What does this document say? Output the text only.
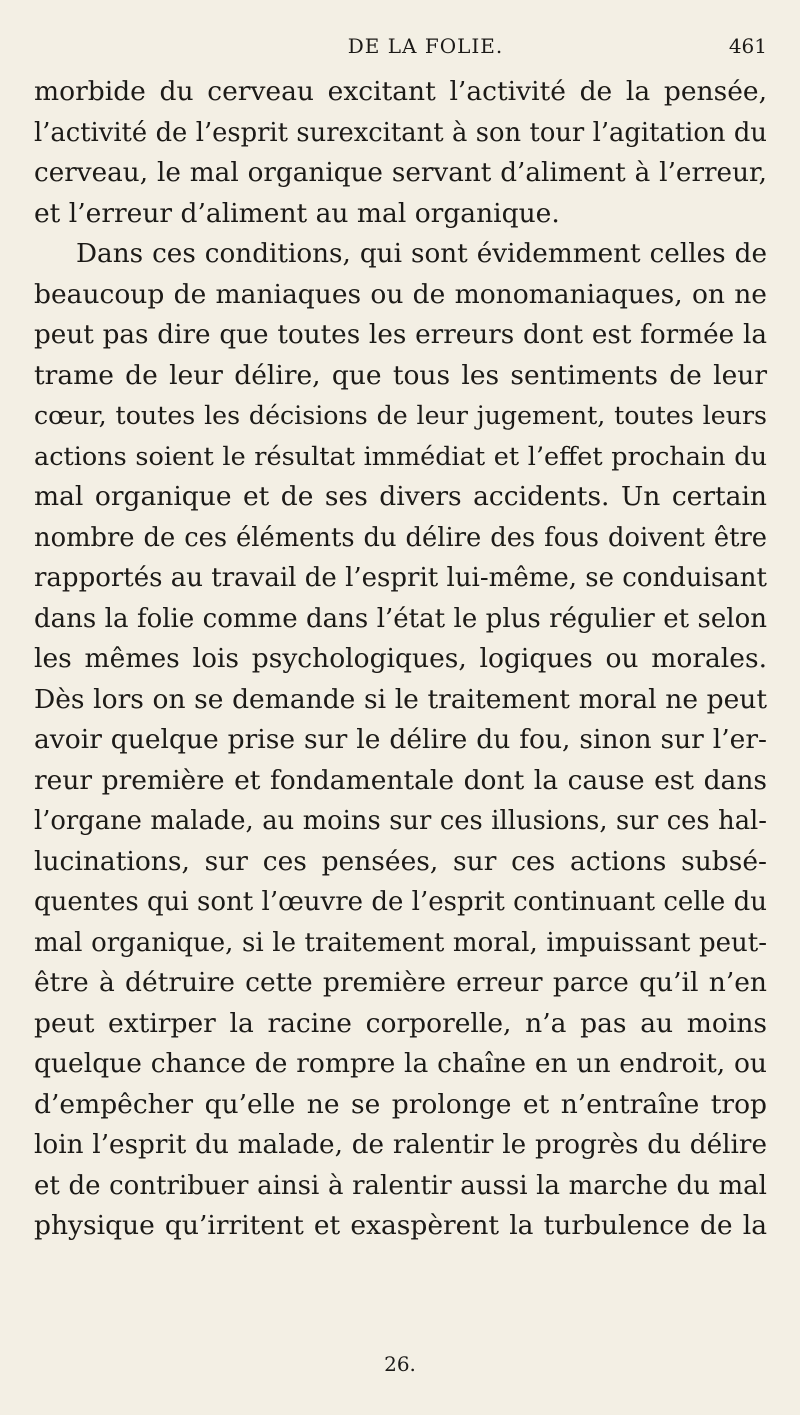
DE LA FOLIE.	461
morbide du cerveau excitant l’activité de la pensée,
l’activité de l’esprit surexcitant à son tour l’agitation du
cerveau, le mal organique servant d’aliment à l’erreur,
et l’erreur d’aliment au mal organique.
Dans ces conditions, qui sont évidemment celles de
beaucoup de maniaques ou de monomaniaques, on ne
peut pas dire que toutes les erreurs dont est formée la
trame de leur délire, que tous les sentiments de leur
cœur, toutes les décisions de leur jugement, toutes leurs
actions soient le résultat immédiat et l’effet prochain du
mal organique et de ses divers accidents. Un certain
nombre de ces éléments du délire des fous doivent être
rapportés au travail de l’esprit lui-même, se conduisant
dans la folie comme dans l’état le plus régulier et selon
les mêmes lois psychologiques, logiques ou morales.
Dès lors on se demande si le traitement moral ne peut
avoir quelque prise sur le délire du fou, sinon sur l’er-
reur première et fondamentale dont la cause est dans
l’organe malade, au moins sur ces illusions, sur ces hal-
lucinations, sur ces pensées, sur ces actions subsé-
quentes qui sont l’œuvre de l’esprit continuant celle du
mal organique, si le traitement moral, impuissant peut-
être à détruire cette première erreur parce qu’il n’en
peut extirper la racine corporelle, n’a pas au moins
quelque chance de rompre la chaîne en un endroit, ou
d’empêcher qu’elle ne se prolonge et n’entraîne trop
loin l’esprit du malade, de ralentir le progrès du délire
et de contribuer ainsi à ralentir aussi la marche du mal
physique qu’irritent et exaspèrent la turbulence de la
26.
